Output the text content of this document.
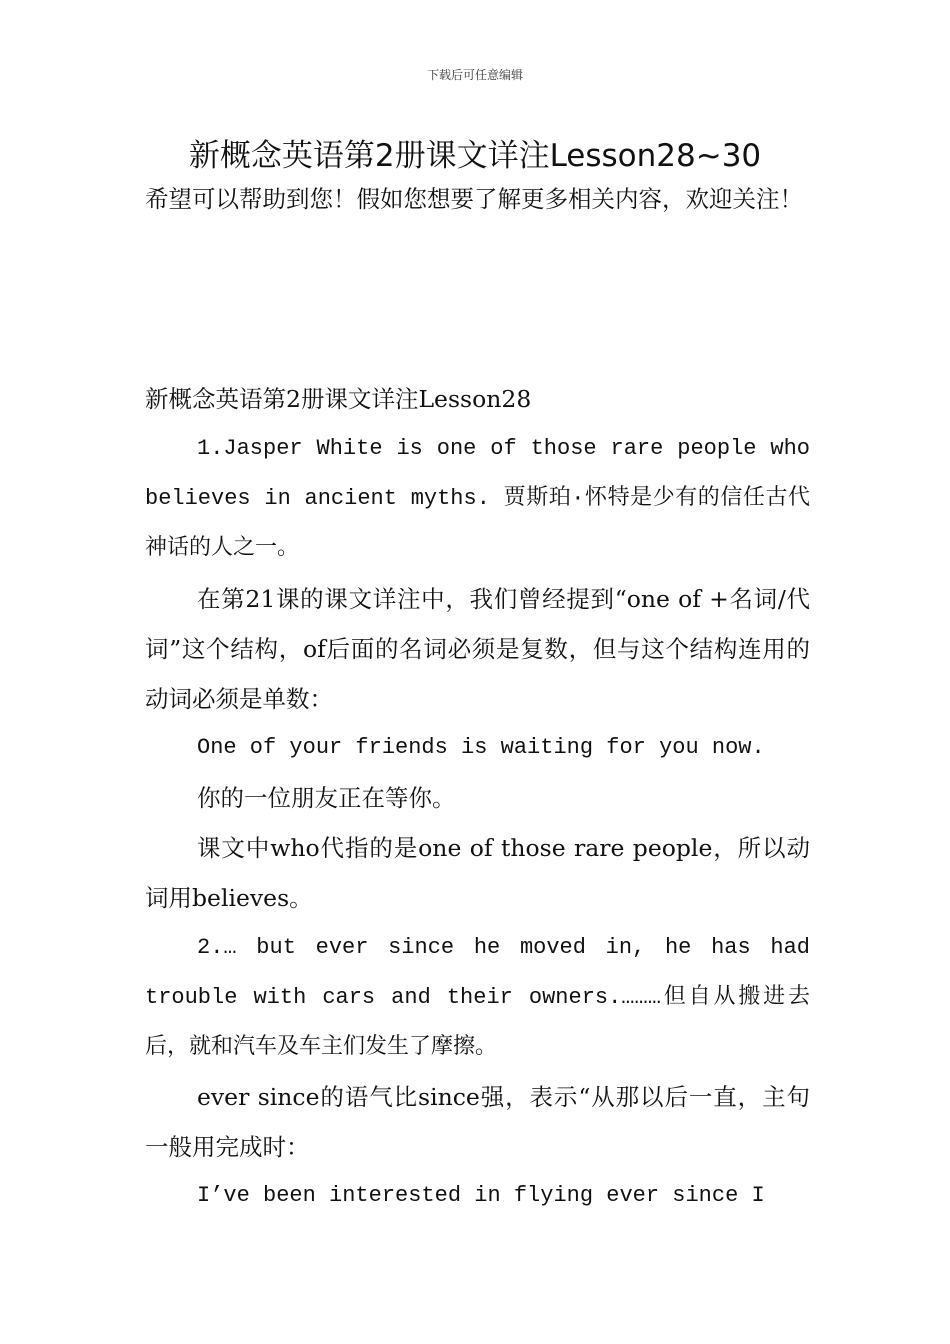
下载后可任意编辑
新概念英语第2册课文详注Lesson28~30

希望可以帮助到您！假如您想要了解更多相关内容，欢迎关注！

新概念英语第2册课文详注Lesson28

1.Jasper White is one of those rare people who believes in ancient myths. 贾斯珀·怀特是少有的信任古代神话的人之一。

在第21课的课文详注中，我们曾经提到“one of +名词/代词”这个结构，of后面的名词必须是复数，但与这个结构连用的动词必须是单数：

One of your friends is waiting for you now.

你的一位朋友正在等你。

课文中who代指的是one of those rare people，所以动词用believes。

2.… but ever since he moved in, he has had trouble with cars and their owners.………但自从搬进去后，就和汽车及车主们发生了摩擦。

ever since的语气比since强，表示“从那以后一直，主句一般用完成时：

I’ve been interested in flying ever since I
